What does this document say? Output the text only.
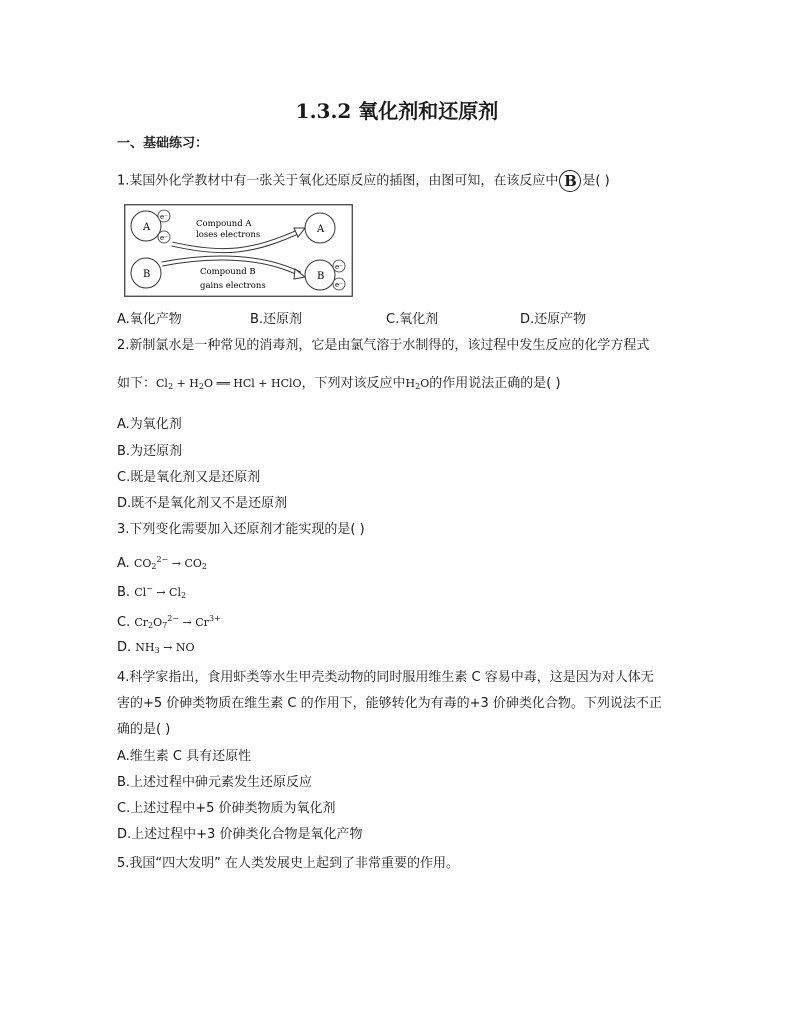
1.3.2 氧化剂和还原剂
一、基础练习：
1.某国外化学教材中有一张关于氧化还原反应的插图，由图可知，在该反应中 B 是( )
A
e⁻
e⁻
A
B	B
e⁻
e⁻
Compound A
loses electrons
Compound B
gains electrons
A.氧化产物	B.还原剂	C.氧化剂	D.还原产物
2.新制氯水是一种常见的消毒剂，它是由氯气溶于水制得的，该过程中发生反应的化学方程式
如下：$Cl_2 + H_2O$ ══ HCl + HClO，下列对该反应中$H_2O$的作用说法正确的是( )
A.为氧化剂
B.为还原剂
C.既是氧化剂又是还原剂
D.既不是氧化剂又不是还原剂
3.下列变化需要加入还原剂才能实现的是( )
A. $CO_2^{2-} \to CO_2$
B. $Cl^- \to Cl_2$
C. $Cr_2O_7^{2-} \to Cr^{3+}$
D. $NH_3$ → NO
4.科学家指出，食用虾类等水生甲壳类动物的同时服用维生素 C 容易中毒，这是因为对人体无
害的+5 价砷类物质在维生素 C 的作用下，能够转化为有毒的+3 价砷类化合物。下列说法不正
确的是( )
A.维生素 C 具有还原性
B.上述过程中砷元素发生还原反应
C.上述过程中+5 价砷类物质为氧化剂
D.上述过程中+3 价砷类化合物是氧化产物
5.我国“四大发明” 在人类发展史上起到了非常重要的作用。
